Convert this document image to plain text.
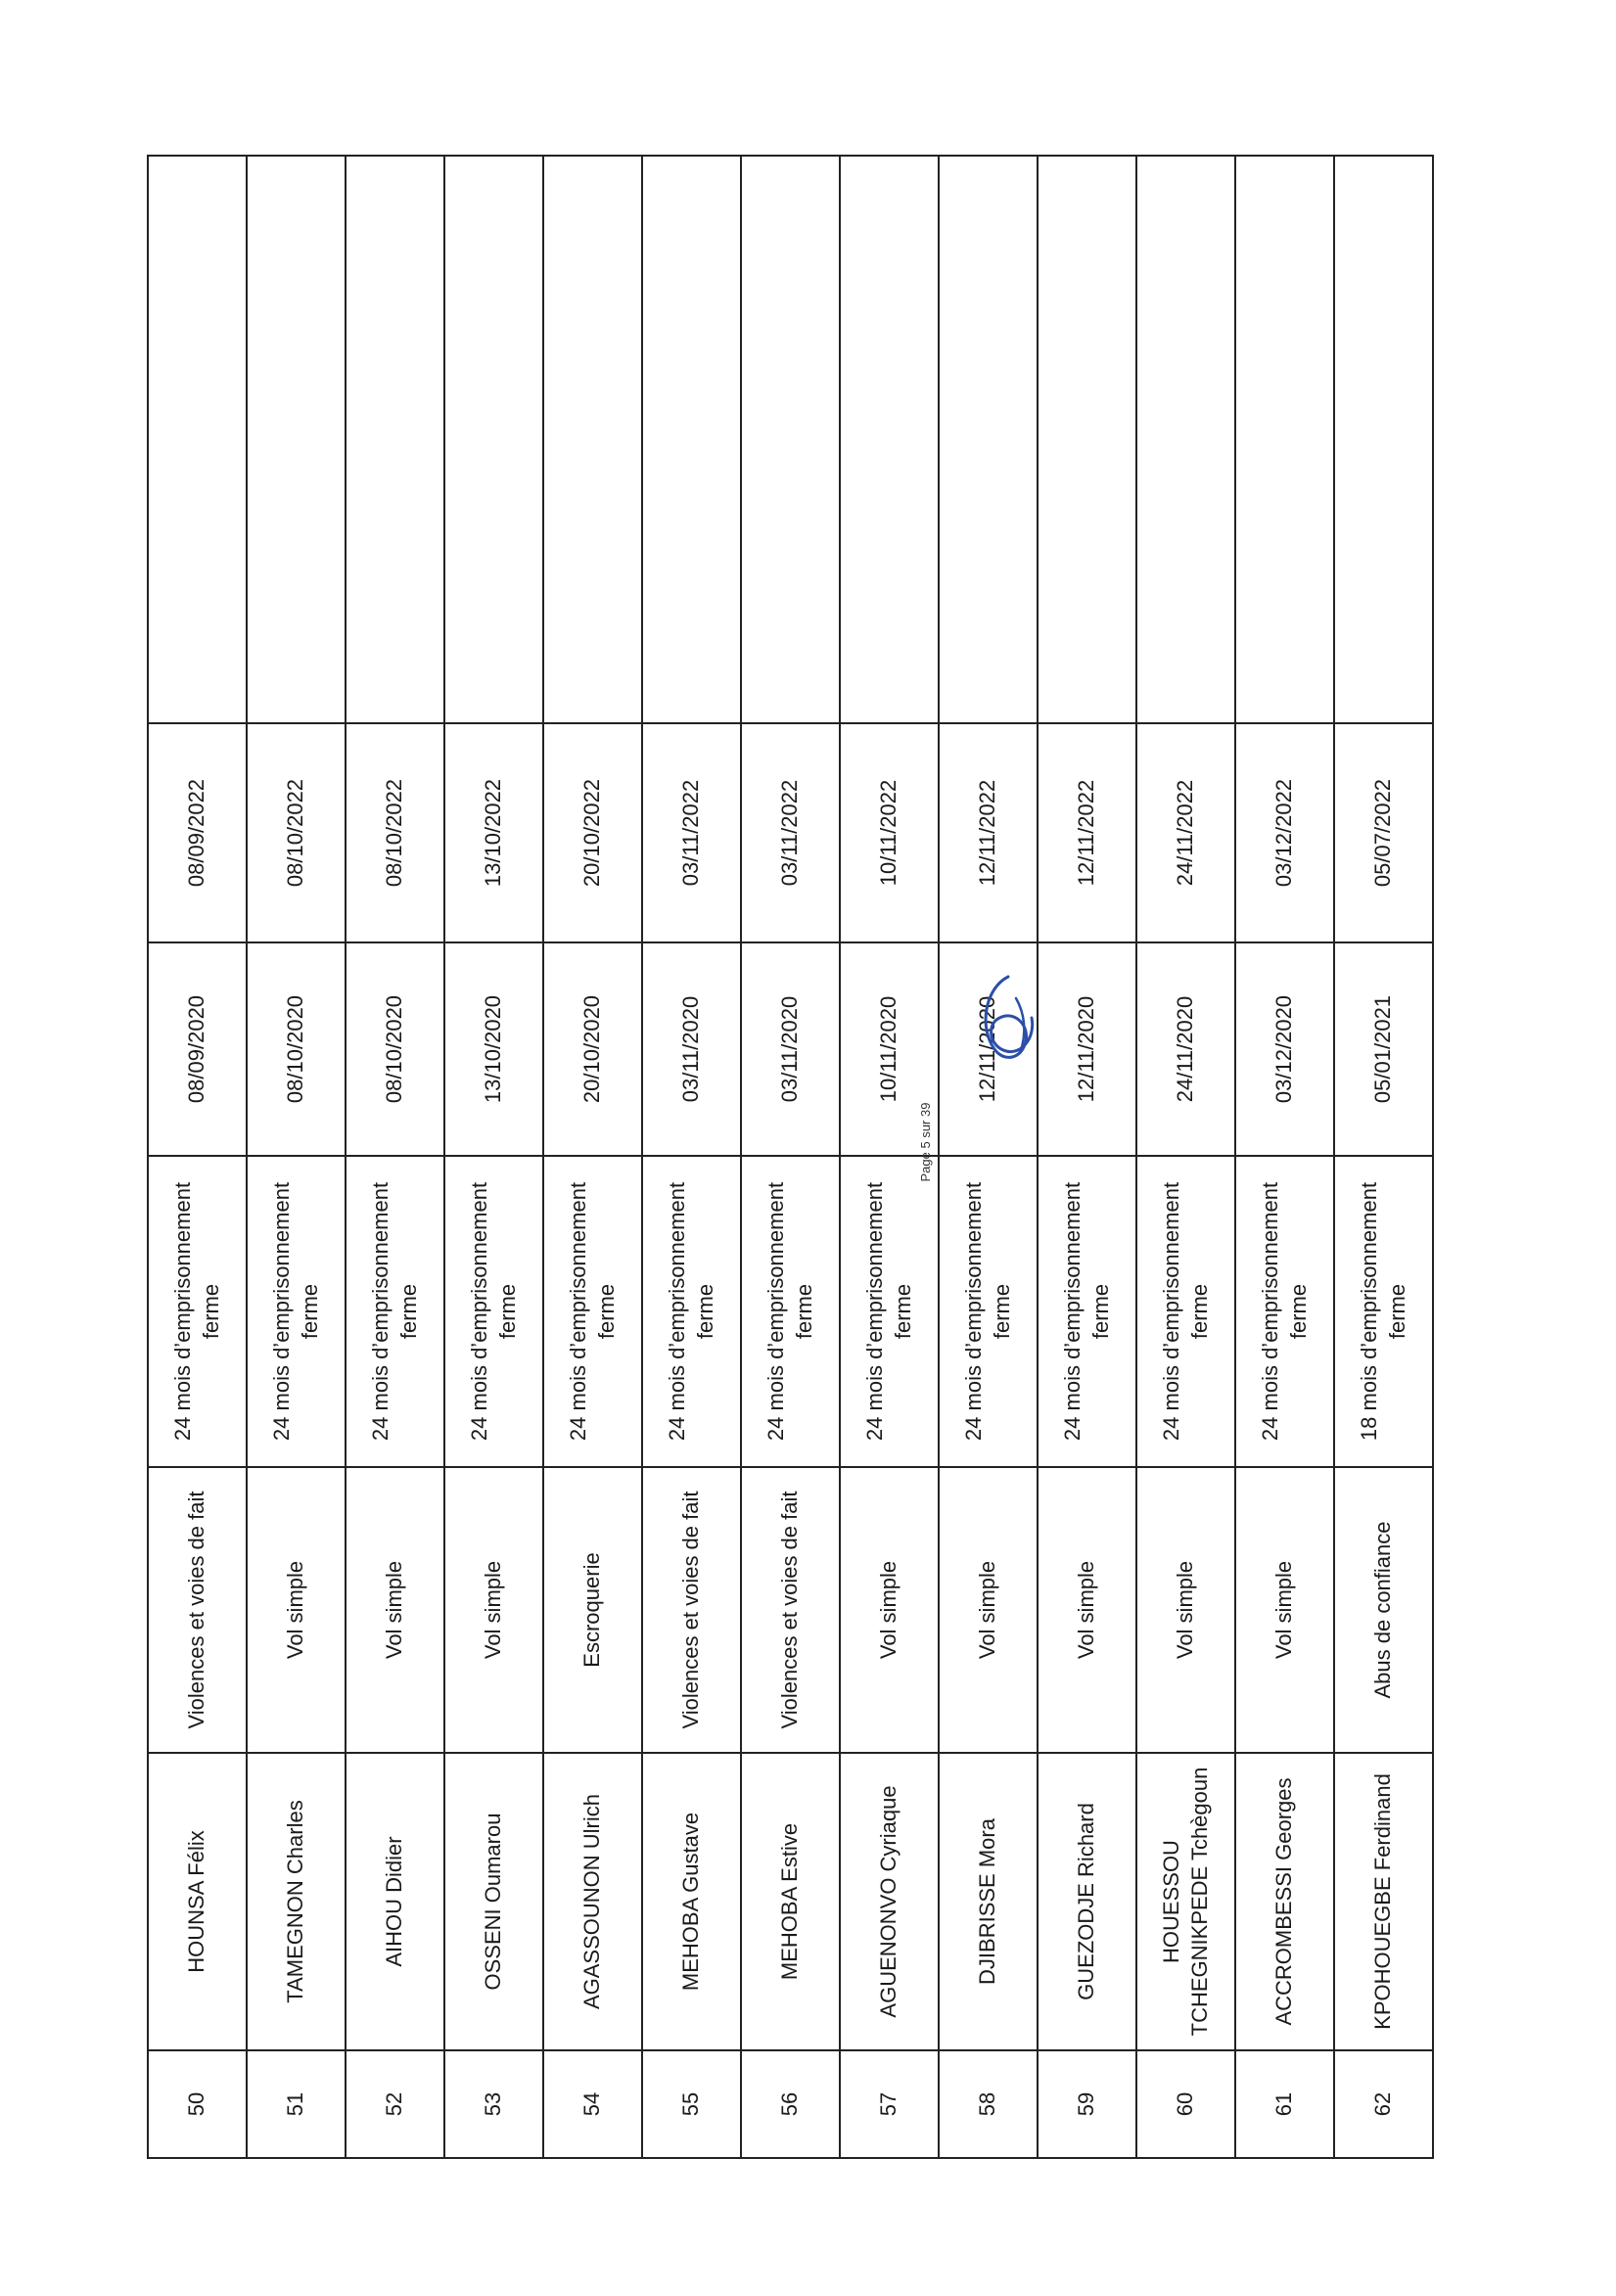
50	HOUNSA Félix	Violences et voies de fait	24 mois d’emprisonnement ferme	08/09/2020	08/09/2022	
51	TAMEGNON Charles	Vol simple	24 mois d’emprisonnement ferme	08/10/2020	08/10/2022	
52	AIHOU Didier	Vol simple	24 mois d’emprisonnement ferme	08/10/2020	08/10/2022	
53	OSSENI Oumarou	Vol simple	24 mois d’emprisonnement ferme	13/10/2020	13/10/2022	
54	AGASSOUNON Ulrich	Escroquerie	24 mois d’emprisonnement ferme	20/10/2020	20/10/2022	
55	MEHOBA Gustave	Violences et voies de fait	24 mois d’emprisonnement ferme	03/11/2020	03/11/2022	
56	MEHOBA Estive	Violences et voies de fait	24 mois d’emprisonnement ferme	03/11/2020	03/11/2022	
57	AGUENONVO Cyriaque	Vol simple	24 mois d’emprisonnement ferme	10/11/2020	10/11/2022	
58	DJIBRISSE Mora	Vol simple	24 mois d’emprisonnement ferme	12/11/2020	12/11/2022	
59	GUEZODJE Richard	Vol simple	24 mois d’emprisonnement ferme	12/11/2020	12/11/2022	
60	HOUESSOU TCHEGNIKPEDE Tchègoun	Vol simple	24 mois d’emprisonnement ferme	24/11/2020	24/11/2022	
61	ACCROMBESSI Georges	Vol simple	24 mois d’emprisonnement ferme	03/12/2020	03/12/2022	
62	KPOHOUEGBE Ferdinand	Abus de confiance	18 mois d’emprisonnement ferme	05/01/2021	05/07/2022	
Page 5 sur 39
